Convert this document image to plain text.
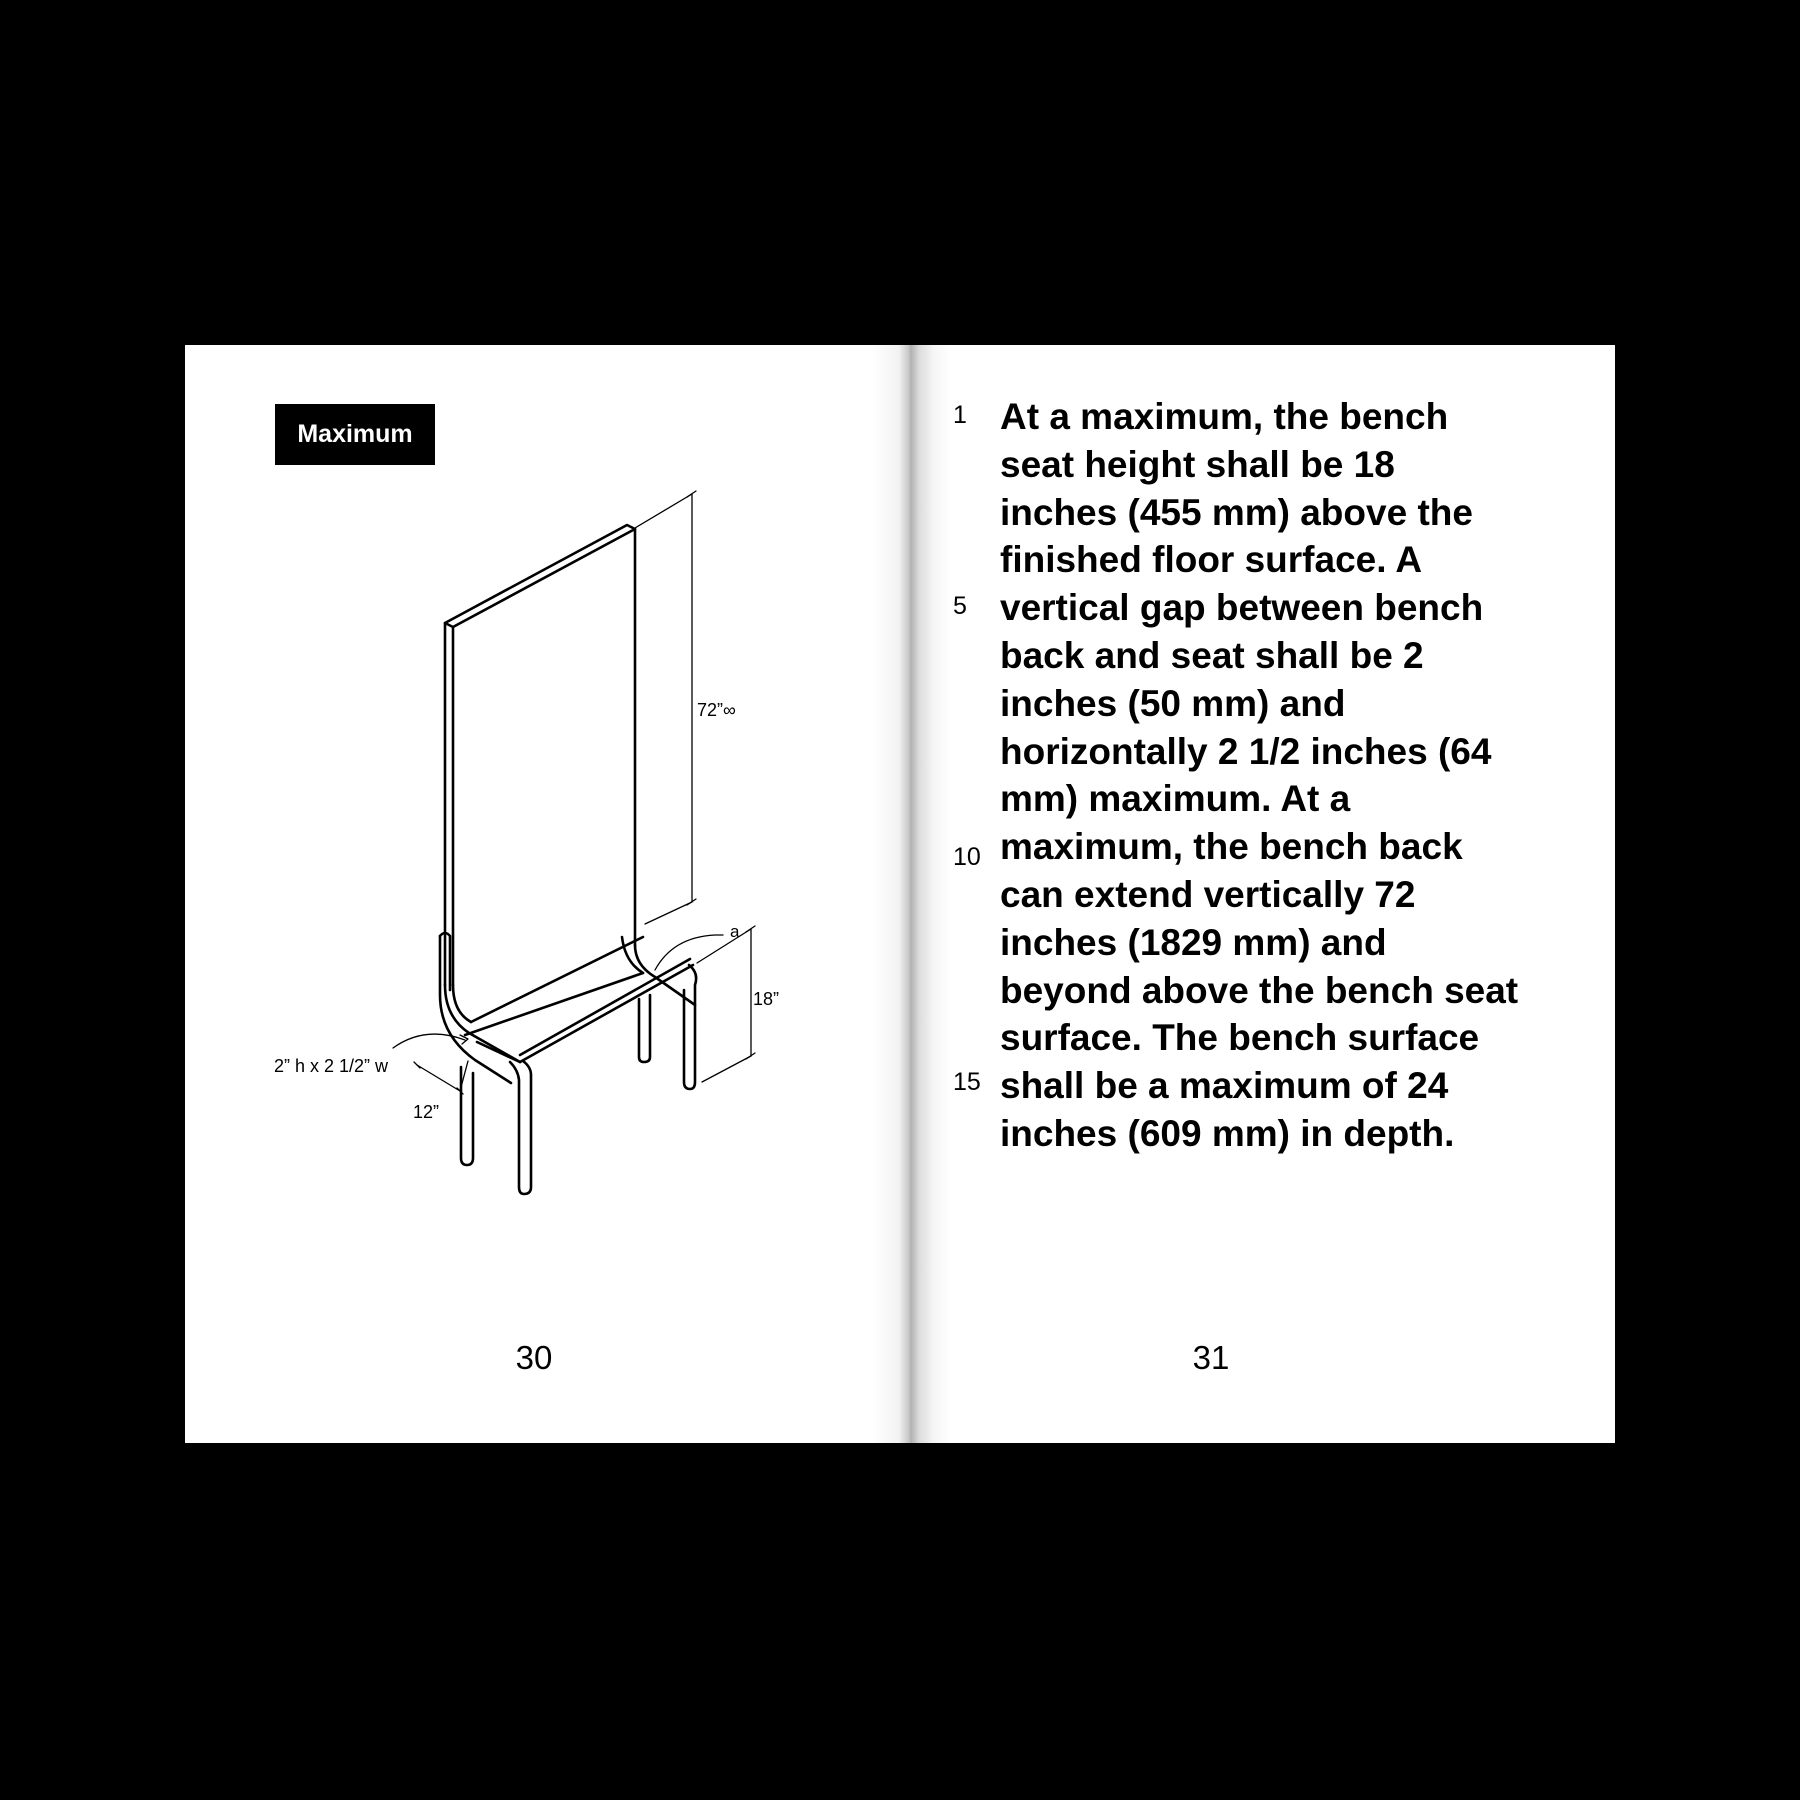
Maximum
72”∞
a
18”
2” h x 2 1/2” w
12”
30
1
5
10
15

At a maximum, the bench seat height shall be 18 inches (455 mm) above the finished floor surface. A vertical gap between bench back and seat shall be 2 inches (50 mm) and horizontally 2 1/2 inches (64 mm) maximum. At a maximum, the bench back can extend vertically 72 inches (1829 mm) and beyond above the bench seat surface. The bench surface shall be a maximum of 24 inches (609 mm) in depth.

31
